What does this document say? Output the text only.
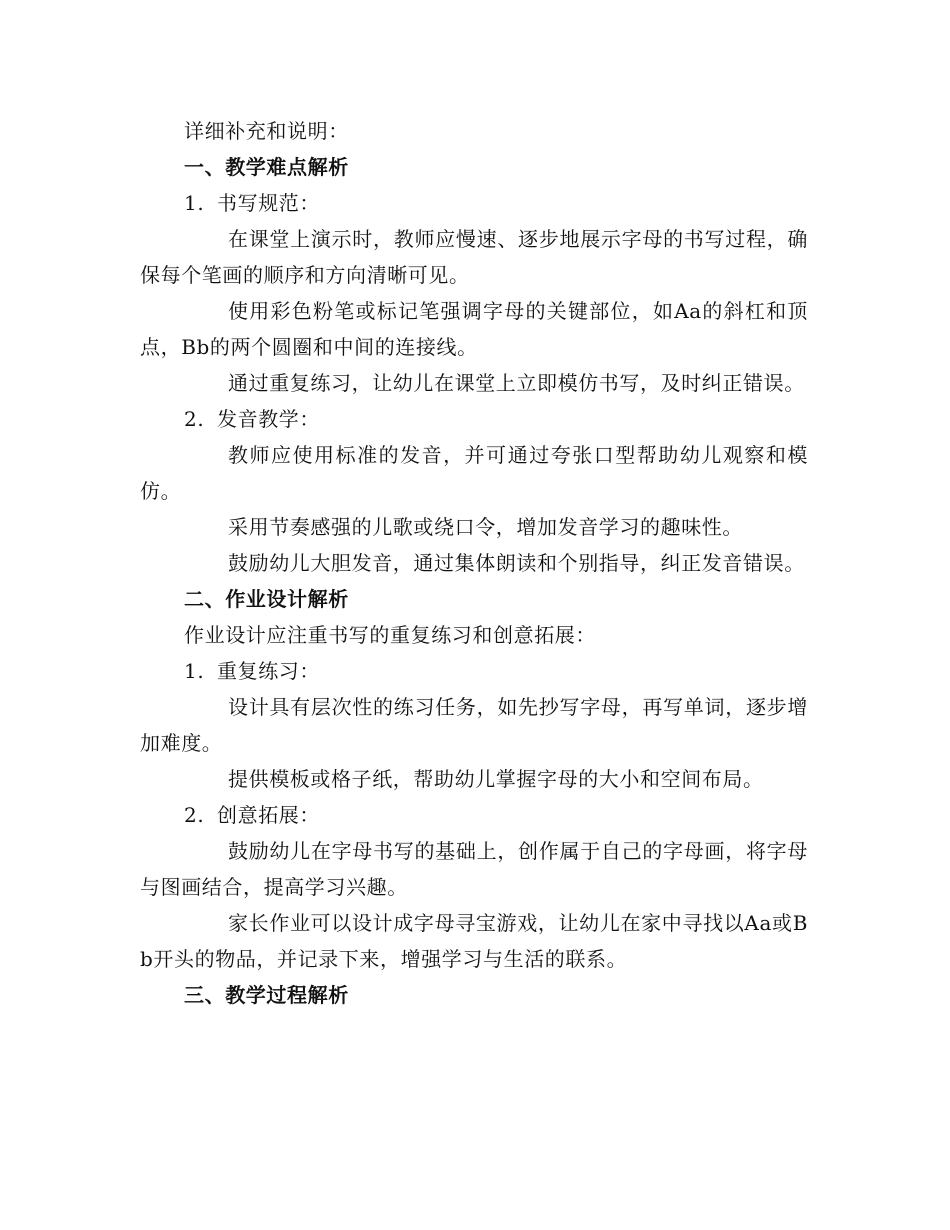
详细补充和说明：
一、教学难点解析
1. 书写规范：
在课堂上演示时，教师应慢速、逐步地展示字母的书写过程，确保每个笔画的顺序和方向清晰可见。
使用彩色粉笔或标记笔强调字母的关键部位，如Aa的斜杠和顶点，Bb的两个圆圈和中间的连接线。
通过重复练习，让幼儿在课堂上立即模仿书写，及时纠正错误。
2. 发音教学：
教师应使用标准的发音，并可通过夸张口型帮助幼儿观察和模仿。
采用节奏感强的儿歌或绕口令，增加发音学习的趣味性。
鼓励幼儿大胆发音，通过集体朗读和个别指导，纠正发音错误。
二、作业设计解析
作业设计应注重书写的重复练习和创意拓展：
1. 重复练习：
设计具有层次性的练习任务，如先抄写字母，再写单词，逐步增加难度。
提供模板或格子纸，帮助幼儿掌握字母的大小和空间布局。
2. 创意拓展：
鼓励幼儿在字母书写的基础上，创作属于自己的字母画，将字母与图画结合，提高学习兴趣。
家长作业可以设计成字母寻宝游戏，让幼儿在家中寻找以Aa或Bb开头的物品，并记录下来，增强学习与生活的联系。
三、教学过程解析
